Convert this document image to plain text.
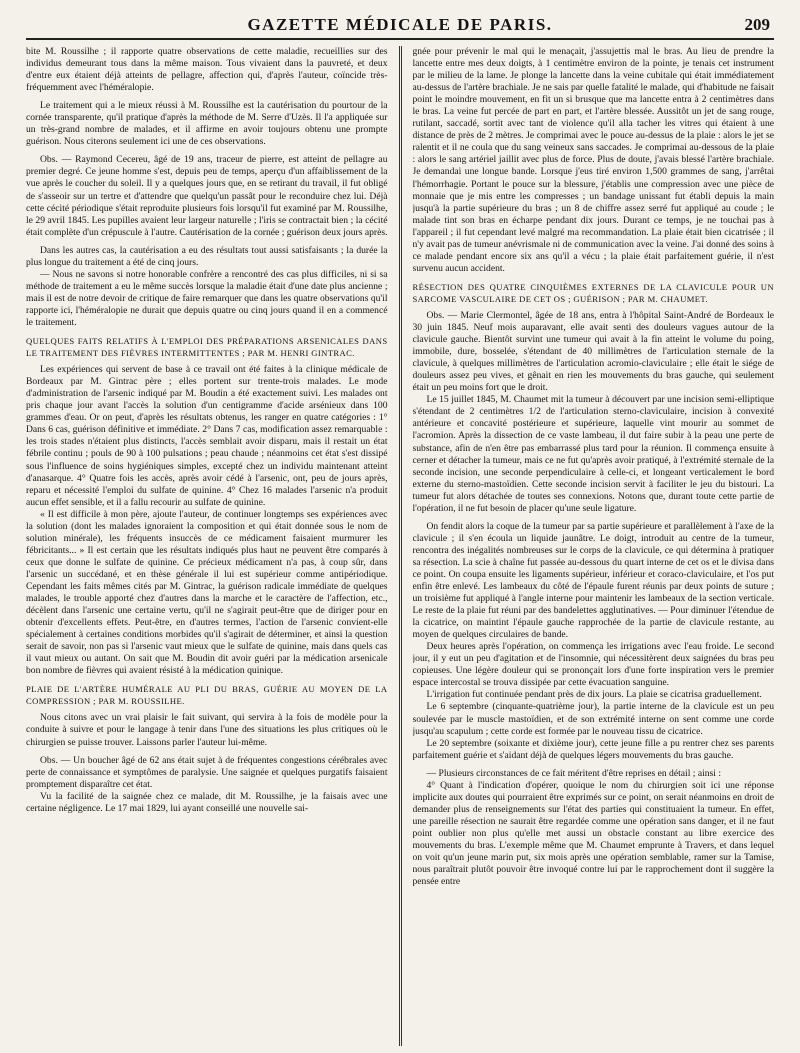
GAZETTE MÉDICALE DE PARIS.	209

bite M. Roussilhe ; il rapporte quatre observations de cette maladie, recueillies sur des individus demeurant tous dans la même maison. Tous vivaient dans la pauvreté, et deux d'entre eux étaient déjà atteints de pellagre, affection qui, d'après l'auteur, coïncide très-fréquemment avec l'héméralopie.

Le traitement qui a le mieux réussi à M. Roussilhe est la cautérisation du pourtour de la cornée transparente, qu'il pratique d'après la méthode de M. Serre d'Uzès. Il l'a appliquée sur un très-grand nombre de malades, et il affirme en avoir toujours obtenu une prompte guérison. Nous citerons seulement ici une de ces observations.

Obs. — Raymond Cecereu, âgé de 19 ans, traceur de pierre, est atteint de pellagre au premier degré. Ce jeune homme s'est, depuis peu de temps, aperçu d'un affaiblissement de la vue après le coucher du soleil. Il y a quelques jours que, en se retirant du travail, il fut obligé de s'asseoir sur un tertre et d'attendre que quelqu'un passât pour le reconduire chez lui. Déjà cette cécité périodique s'était reproduite plusieurs fois lorsqu'il fut examiné par M. Roussilhe, le 29 avril 1845. Les pupilles avaient leur largeur naturelle ; l'iris se contractait bien ; la cécité était complète d'un crépuscule à l'autre. Cautérisation de la cornée ; guérison deux jours après.

Dans les autres cas, la cautérisation a eu des résultats tout aussi satisfaisants ; la durée la plus longue du traitement a été de cinq jours.

— Nous ne savons si notre honorable confrère a rencontré des cas plus difficiles, ni si sa méthode de traitement a eu le même succès lorsque la maladie était d'une date plus ancienne ; mais il est de notre devoir de critique de faire remarquer que dans les quatre observations qu'il rapporte ici, l'héméralopie ne durait que depuis quatre ou cinq jours quand il en a commencé le traitement.

QUELQUES FAITS RELATIFS À L'EMPLOI DES PRÉPARATIONS ARSENICALES DANS LE TRAITEMENT DES FIÈVRES INTERMITTENTES ; PAR M. HENRI GINTRAC.

Les expériences qui servent de base à ce travail ont été faites à la clinique médicale de Bordeaux par M. Gintrac père ; elles portent sur trente-trois malades. Le mode d'administration de l'arsenic indiqué par M. Boudin a été exactement suivi. Les malades ont pris chaque jour avant l'accès la solution d'un centigramme d'acide arsénieux dans 100 grammes d'eau. Or on peut, d'après les résultats obtenus, les ranger en quatre catégories : 1° Dans 6 cas, guérison définitive et immédiate. 2° Dans 7 cas, modification assez remarquable : les trois stades n'étaient plus distincts, l'accès semblait avoir disparu, mais il restait un état fébrile continu ; pouls de 90 à 100 pulsations ; peau chaude ; néanmoins cet état s'est dissipé sous l'influence de soins hygiéniques simples, excepté chez un individu maintenant atteint d'anasarque. 4° Quatre fois les accès, après avoir cédé à l'arsenic, ont, peu de jours après, reparu et nécessité l'emploi du sulfate de quinine. 4° Chez 16 malades l'arsenic n'a produit aucun effet sensible, et il a fallu recourir au sulfate de quinine.

« Il est difficile à mon père, ajoute l'auteur, de continuer longtemps ses expériences avec la solution (dont les malades ignoraient la composition et qui était donnée sous le nom de solution minérale), les fréquents insuccès de ce médicament faisaient murmurer les fébricitants... » Il est certain que les résultats indiqués plus haut ne peuvent être comparés à ceux que donne le sulfate de quinine. Ce précieux médicament n'a pas, à coup sûr, dans l'arsenic un succédané, et en thèse générale il lui est supérieur comme antipériodique. Cependant les faits mêmes cités par M. Gintrac, la guérison radicale immédiate de quelques malades, le trouble apporté chez d'autres dans la marche et le caractère de l'affection, etc., décèlent dans l'arsenic une certaine vertu, qu'il ne s'agirait peut-être que de diriger pour en obtenir d'excellents effets. Peut-être, en d'autres termes, l'action de l'arsenic convient-elle spécialement à certaines conditions morbides qu'il s'agirait de déterminer, et ainsi la question serait de savoir, non pas si l'arsenic vaut mieux que le sulfate de quinine, mais dans quels cas il vaut mieux ou autant. On sait que M. Boudin dit avoir guéri par la médication arsenicale bon nombre de fièvres qui avaient résisté à la médication quinique.

PLAIE DE L'ARTÈRE HUMÉRALE AU PLI DU BRAS, GUÉRIE AU MOYEN DE LA COMPRESSION ; PAR M. ROUSSILHE.

Nous citons avec un vrai plaisir le fait suivant, qui servira à la fois de modèle pour la conduite à suivre et pour le langage à tenir dans l'une des situations les plus critiques où le chirurgien se puisse trouver. Laissons parler l'auteur lui-même.

Obs. — Un boucher âgé de 62 ans était sujet à de fréquentes congestions cérébrales avec perte de connaissance et symptômes de paralysie. Une saignée et quelques purgatifs faisaient promptement disparaître cet état.

Vu la facilité de la saignée chez ce malade, dit M. Roussilhe, je la faisais avec une certaine négligence. Le 17 mai 1829, lui ayant conseillé une nouvelle sai-

gnée pour prévenir le mal qui le menaçait, j'assujettis mal le bras. Au lieu de prendre la lancette entre mes deux doigts, à 1 centimètre environ de la pointe, je tenais cet instrument par le milieu de la lame. Je plonge la lancette dans la veine cubitale qui était immédiatement au-dessus de l'artère brachiale. Je ne sais par quelle fatalité le malade, qui d'habitude ne faisait point le moindre mouvement, en fit un si brusque que ma lancette entra à 2 centimètres dans le bras. La veine fut percée de part en part, et l'artère blessée. Aussitôt un jet de sang rouge, rutilant, saccadé, sortit avec tant de violence qu'il alla tacher les vitres qui étaient à une distance de près de 2 mètres. Je comprimai avec le pouce au-dessus de la plaie : alors le jet se ralentit et il ne coula que du sang veineux sans saccades. Je comprimai au-dessous de la plaie : alors le sang artériel jaillit avec plus de force. Plus de doute, j'avais blessé l'artère brachiale. Je demandai une longue bande. Lorsque j'eus tiré environ 1,500 grammes de sang, j'arrêtai l'hémorrhagie. Portant le pouce sur la blessure, j'établis une compression avec une pièce de monnaie que je mis entre les compresses ; un bandage unissant fut établi depuis la main jusqu'à la partie supérieure du bras ; un 8 de chiffre assez serré fut appliqué au coude ; le malade tint son bras en écharpe pendant dix jours. Durant ce temps, je ne touchai pas à l'appareil ; il fut cependant levé malgré ma recommandation. La plaie était bien cicatrisée ; il n'y avait pas de tumeur anévrismale ni de communication avec la veine. J'ai donné des soins à ce malade pendant encore six ans qu'il a vécu ; la plaie était parfaitement guérie, il n'est survenu aucun accident.

RÉSECTION DES QUATRE CINQUIÈMES EXTERNES DE LA CLAVICULE POUR UN SARCOME VASCULAIRE DE CET OS ; GUÉRISON ; PAR M. CHAUMET.

Obs. — Marie Clermontel, âgée de 18 ans, entra à l'hôpital Saint-André de Bordeaux le 30 juin 1845. Neuf mois auparavant, elle avait senti des douleurs vagues autour de la clavicule gauche. Bientôt survint une tumeur qui avait à la fin atteint le volume du poing, immobile, dure, bosselée, s'étendant de 40 millimètres de l'articulation sternale de la clavicule, à quelques millimètres de l'articulation acromio-claviculaire ; elle était le siége de douleurs assez peu vives, et gênait en rien les mouvements du bras gauche, qui seulement était un peu moins fort que le droit.

Le 15 juillet 1845, M. Chaumet mit la tumeur à découvert par une incision semi-elliptique s'étendant de 2 centimètres 1/2 de l'articulation sterno-claviculaire, incision à convexité antérieure et concavité postérieure et supérieure, laquelle vint mourir au sommet de l'acromion. Après la dissection de ce vaste lambeau, il dut faire subir à la peau une perte de substance, afin de n'en être pas embarrassé plus tard pour la réunion. Il commença ensuite à cerner et détacher la tumeur, mais ce ne fut qu'après avoir pratiqué, à l'extrémité sternale de la seconde incision, une seconde perpendiculaire à celle-ci, et longeant verticalement le bord externe du sterno-mastoïdien. Cette seconde incision servit à faciliter le jeu du bistouri. La tumeur fut alors détachée de toutes ses connexions. Notons que, durant toute cette partie de l'opération, il ne fut besoin de placer qu'une seule ligature.

On fendit alors la coque de la tumeur par sa partie supérieure et parallèlement à l'axe de la clavicule ; il s'en écoula un liquide jaunâtre. Le doigt, introduit au centre de la tumeur, rencontra des inégalités nombreuses sur le corps de la clavicule, ce qui détermina à pratiquer sa résection. La scie à chaîne fut passée au-dessous du quart interne de cet os et le divisa dans ce point. On coupa ensuite les ligaments supérieur, inférieur et coraco-claviculaire, et l'os put enfin être enlevé. Les lambeaux du côté de l'épaule furent réunis par deux points de suture ; un troisième fut appliqué à l'angle interne pour maintenir les lambeaux de la section verticale. Le reste de la plaie fut réuni par des bandelettes agglutinatives. — Pour diminuer l'étendue de la cicatrice, on maintint l'épaule gauche rapprochée de la partie de clavicule restante, au moyen de quelques circulaires de bande.

Deux heures après l'opération, on commença les irrigations avec l'eau froide. Le second jour, il y eut un peu d'agitation et de l'insomnie, qui nécessitèrent deux saignées du bras peu copieuses. Une légère douleur qui se prononçait lors d'une forte inspiration vers le premier espace intercostal se trouva dissipée par cette évacuation sanguine.

L'irrigation fut continuée pendant près de dix jours. La plaie se cicatrisa graduellement.

Le 6 septembre (cinquante-quatrième jour), la partie interne de la clavicule est un peu soulevée par le muscle mastoïdien, et de son extrémité interne on sent comme une corde jusqu'au scapulum ; cette corde est formée par le nouveau tissu de cicatrice.

Le 20 septembre (soixante et dixième jour), cette jeune fille a pu rentrer chez ses parents parfaitement guérie et s'aidant déjà de quelques légers mouvements du bras gauche.

— Plusieurs circonstances de ce fait méritent d'être reprises en détail ; ainsi :

4° Quant à l'indication d'opérer, quoique le nom du chirurgien soit ici une réponse implicite aux doutes qui pourraient être exprimés sur ce point, on serait néanmoins en droit de demander plus de renseignements sur l'état des parties qui constituaient la tumeur. En effet, une pareille résection ne saurait être regardée comme une opération sans danger, et il ne faut point oublier non plus qu'elle met aussi un obstacle constant au libre exercice des mouvements du bras. L'exemple même que M. Chaumet emprunte à Travers, et dans lequel on voit qu'un jeune marin put, six mois après une opération semblable, ramer sur la Tamise, nous paraîtrait plutôt pouvoir être invoqué contre lui par le rapprochement dont il suggère la pensée entre
